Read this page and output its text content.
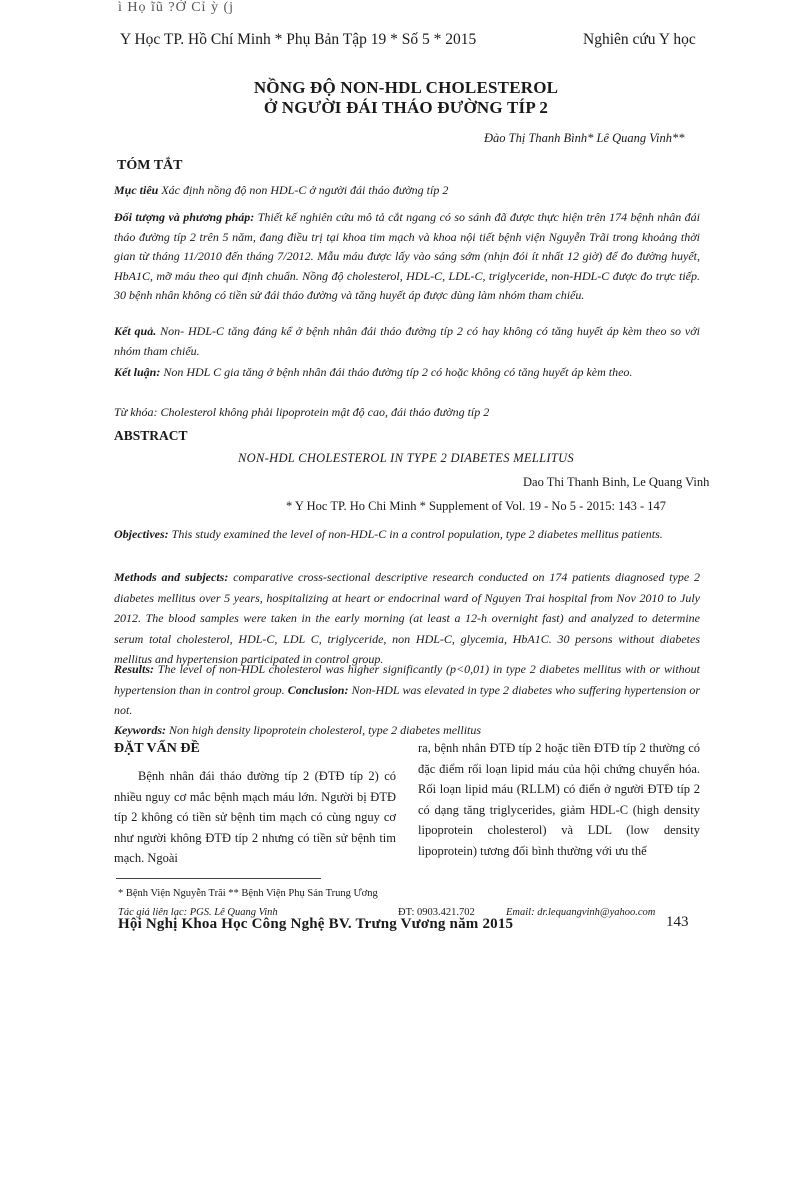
ì Họ ĩũ ?Ở Cỉ ỳ (j
Y Học TP. Hồ Chí Minh * Phụ Bản Tập 19 * Số 5 * 2015	Nghiên cứu Y học
NỒNG ĐỘ NON-HDL CHOLESTEROL
Ở NGƯỜI ĐÁI THÁO ĐƯỜNG TÍP 2
Đào Thị Thanh Bình* Lê Quang Vinh**
TÓM TẮT
Mục tiêu Xác định nồng độ non HDL-C ở người đái tháo đường típ 2
Đối tượng và phương pháp: Thiết kế nghiên cứu mô tả cắt ngang có so sánh đã được thực hiện trên 174 bệnh nhân đái tháo đường típ 2 trên 5 năm, đang điều trị tại khoa tim mạch và khoa nội tiết bệnh viện Nguyễn Trãi trong khoảng thời gian từ tháng 11/2010 đến tháng 7/2012. Mẫu máu được lấy vào sáng sớm (nhịn đói ít nhất 12 giờ) để đo đường huyết, HbA1C, mỡ máu theo qui định chuẩn. Nồng độ cholesterol, HDL-C, LDL-C, triglyceride, non-HDL-C được đo trực tiếp. 30 bệnh nhân không có tiền sử đái tháo đường và tăng huyết áp được dùng làm nhóm tham chiếu.
Kết quả. Non- HDL-C tăng đáng kể ở bệnh nhân đái tháo đường típ 2 có hay không có tăng huyết áp kèm theo so với nhóm tham chiếu.
Kết luận: Non HDL C gia tăng ở bệnh nhân đái tháo đường típ 2 có hoặc không có tăng huyết áp kèm theo.
Từ khóa: Cholesterol không phải lipoprotein mật độ cao, đái tháo đường típ 2
ABSTRACT
NON-HDL CHOLESTEROL IN TYPE 2 DIABETES MELLITUS
Dao Thi Thanh Binh, Le Quang Vinh
* Y Hoc TP. Ho Chi Minh * Supplement of Vol. 19 - No 5 - 2015: 143 - 147
Objectives: This study examined the level of non-HDL-C in a control population, type 2 diabetes mellitus patients.
Methods and subjects: comparative cross-sectional descriptive research conducted on 174 patients diagnosed type 2 diabetes mellitus over 5 years, hospitalizing at heart or endocrinal ward of Nguyen Trai hospital from Nov 2010 to July 2012. The blood samples were taken in the early morning (at least a 12-h overnight fast) and analyzed to determine serum total cholesterol, HDL-C, LDL C, triglyceride, non HDL-C, glycemia, HbA1C. 30 persons without diabetes mellitus and hypertension participated in control group.
Results: The level of non-HDL cholesterol was higher significantly (p<0,01) in type 2 diabetes mellitus with or without hypertension than in control group. Conclusion: Non-HDL was elevated in type 2 diabetes who suffering hypertension or not.
Keywords: Non high density lipoprotein cholesterol, type 2 diabetes mellitus
ĐẶT VẤN ĐỀ
Bệnh nhân đái tháo đường típ 2 (ĐTĐ típ 2) có nhiều nguy cơ mắc bệnh mạch máu lớn. Người bị ĐTĐ típ 2 không có tiền sử bệnh tim mạch có cùng nguy cơ như người không ĐTĐ típ 2 nhưng có tiền sử bệnh tim mạch. Ngoài
ra, bệnh nhân ĐTĐ típ 2 hoặc tiền ĐTĐ típ 2 thường có đặc điểm rối loạn lipid máu của hội chứng chuyển hóa. Rối loạn lipid máu (RLLM) có điển ở người ĐTĐ típ 2 có dạng tăng triglycerides, giảm HDL-C (high density lipoprotein cholesterol) và LDL (low density lipoprotein) tương đối bình thường với ưu thế
* Bệnh Viện Nguyễn Trãi ** Bệnh Viện Phụ Sản Trung Ương
Tác giả liên lạc: PGS. Lê Quang Vinh	ĐT: 0903.421.702	Email: dr.lequangvinh@yahoo.com
Hội Nghị Khoa Học Công Nghệ BV. Trưng Vương năm 2015	143
